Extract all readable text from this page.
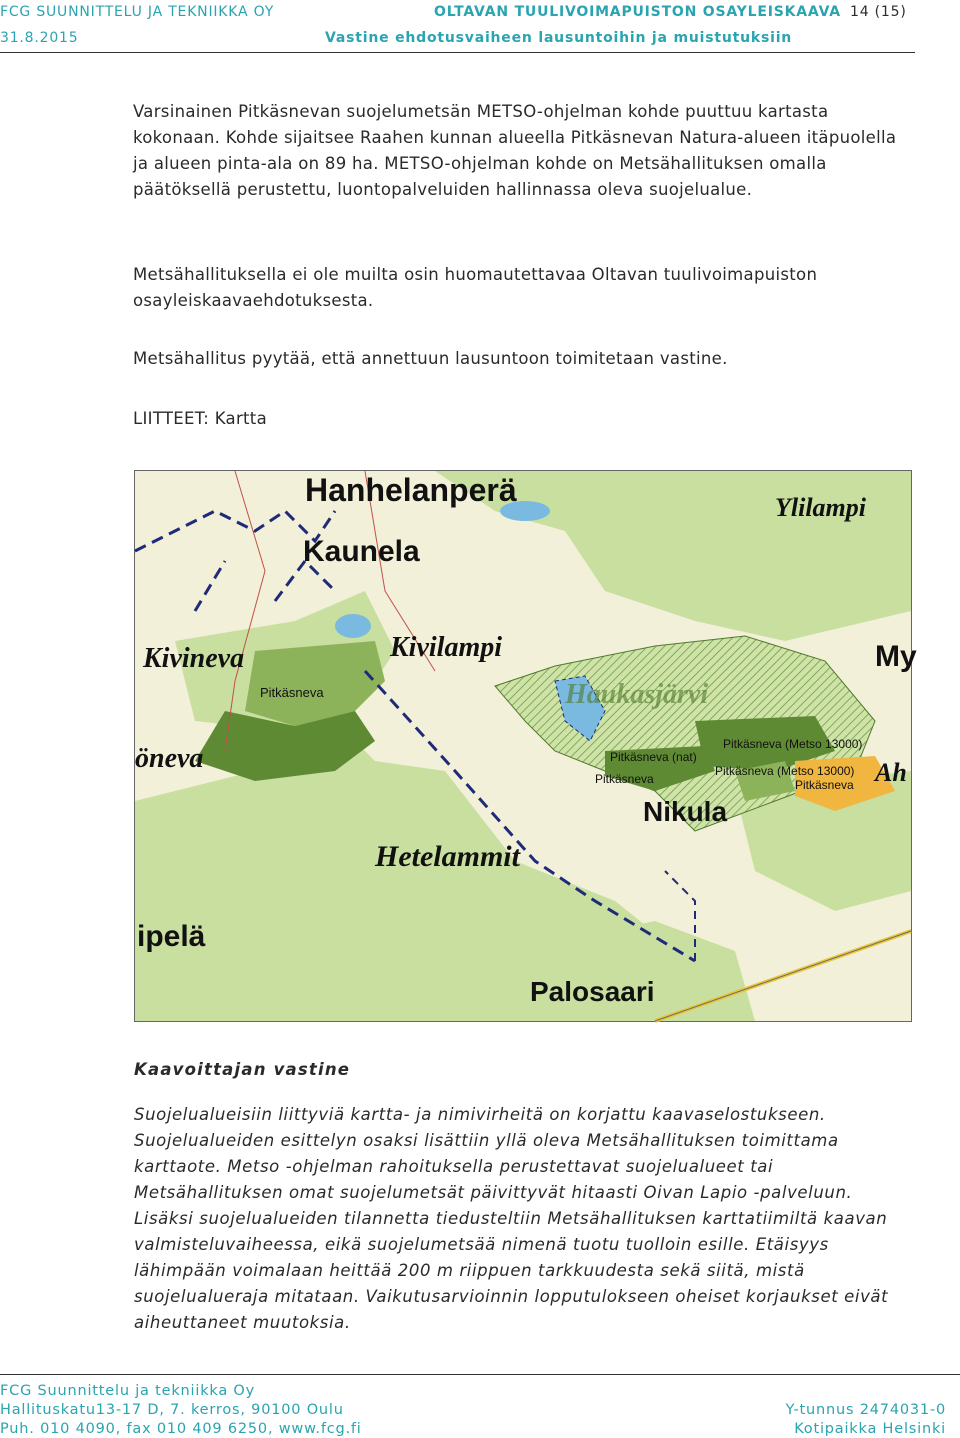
FCG SUUNNITTELU JA TEKNIIKKA OY	OLTAVAN TUULIVOIMAPUISTON OSAYLEISKAAVA 14 (15)
31.8.2015	Vastine ehdotusvaiheen lausuntoihin ja muistutuksiin

Varsinainen Pitkäsnevan suojelumetsän METSO-ohjelman kohde puuttuu kartasta kokonaan. Kohde sijaitsee Raahen kunnan alueella Pitkäsnevan Natura-alueen itäpuolella ja alueen pinta-ala on 89 ha. METSO-ohjelman kohde on Metsähallituksen omalla päätöksellä perustettu, luontopalveluiden hallinnassa oleva suojelualue.

Metsähallituksella ei ole muilta osin huomautettavaa Oltavan tuulivoimapuiston osayleiskaavaehdotuksesta.

Metsähallitus pyytää, että annettuun lausuntoon toimitetaan vastine.

LIITTEET: Kartta

Hanhelanperä	Ylilampi
Kaunela
Kivineva	Kivilampi	My
Pitkäsneva	Haukasjärvi
öneva	Pitkäsneva (nat)
Pitkäsneva (Metso 13000)
Pitkäsneva (Metso 13000)
Pitkäsneva	Pitkäsneva
Nikula
Ah
Hetelammit
ipelä
Palosaari
Kaavoittajan vastine
Suojelualueisiin liittyviä kartta- ja nimivirheitä on korjattu kaavaselostukseen. Suojelualueiden esittelyn osaksi lisättiin yllä oleva Metsähallituksen toimittama karttaote. Metso -ohjelman rahoituksella perustettavat suojelualueet tai Metsähallituksen omat suojelumetsät päivittyvät hitaasti Oivan Lapio -palveluun. Lisäksi suojelualueiden tilannetta tiedusteltiin Metsähallituksen karttatiimiltä kaavan valmisteluvaiheessa, eikä suojelumetsää nimenä tuotu tuolloin esille. Etäisyys lähimpään voimalaan heittää 200 m riippuen tarkkuudesta sekä siitä, mistä suojelualueraja mitataan. Vaikutusarvioinnin lopputulokseen oheiset korjaukset eivät aiheuttaneet muutoksia.
FCG Suunnittelu ja tekniikka Oy
Hallituskatu13-17 D, 7. kerros, 90100 Oulu
Puh. 010 4090, fax 010 409 6250, www.fcg.fi
Y-tunnus 2474031-0
Kotipaikka Helsinki
